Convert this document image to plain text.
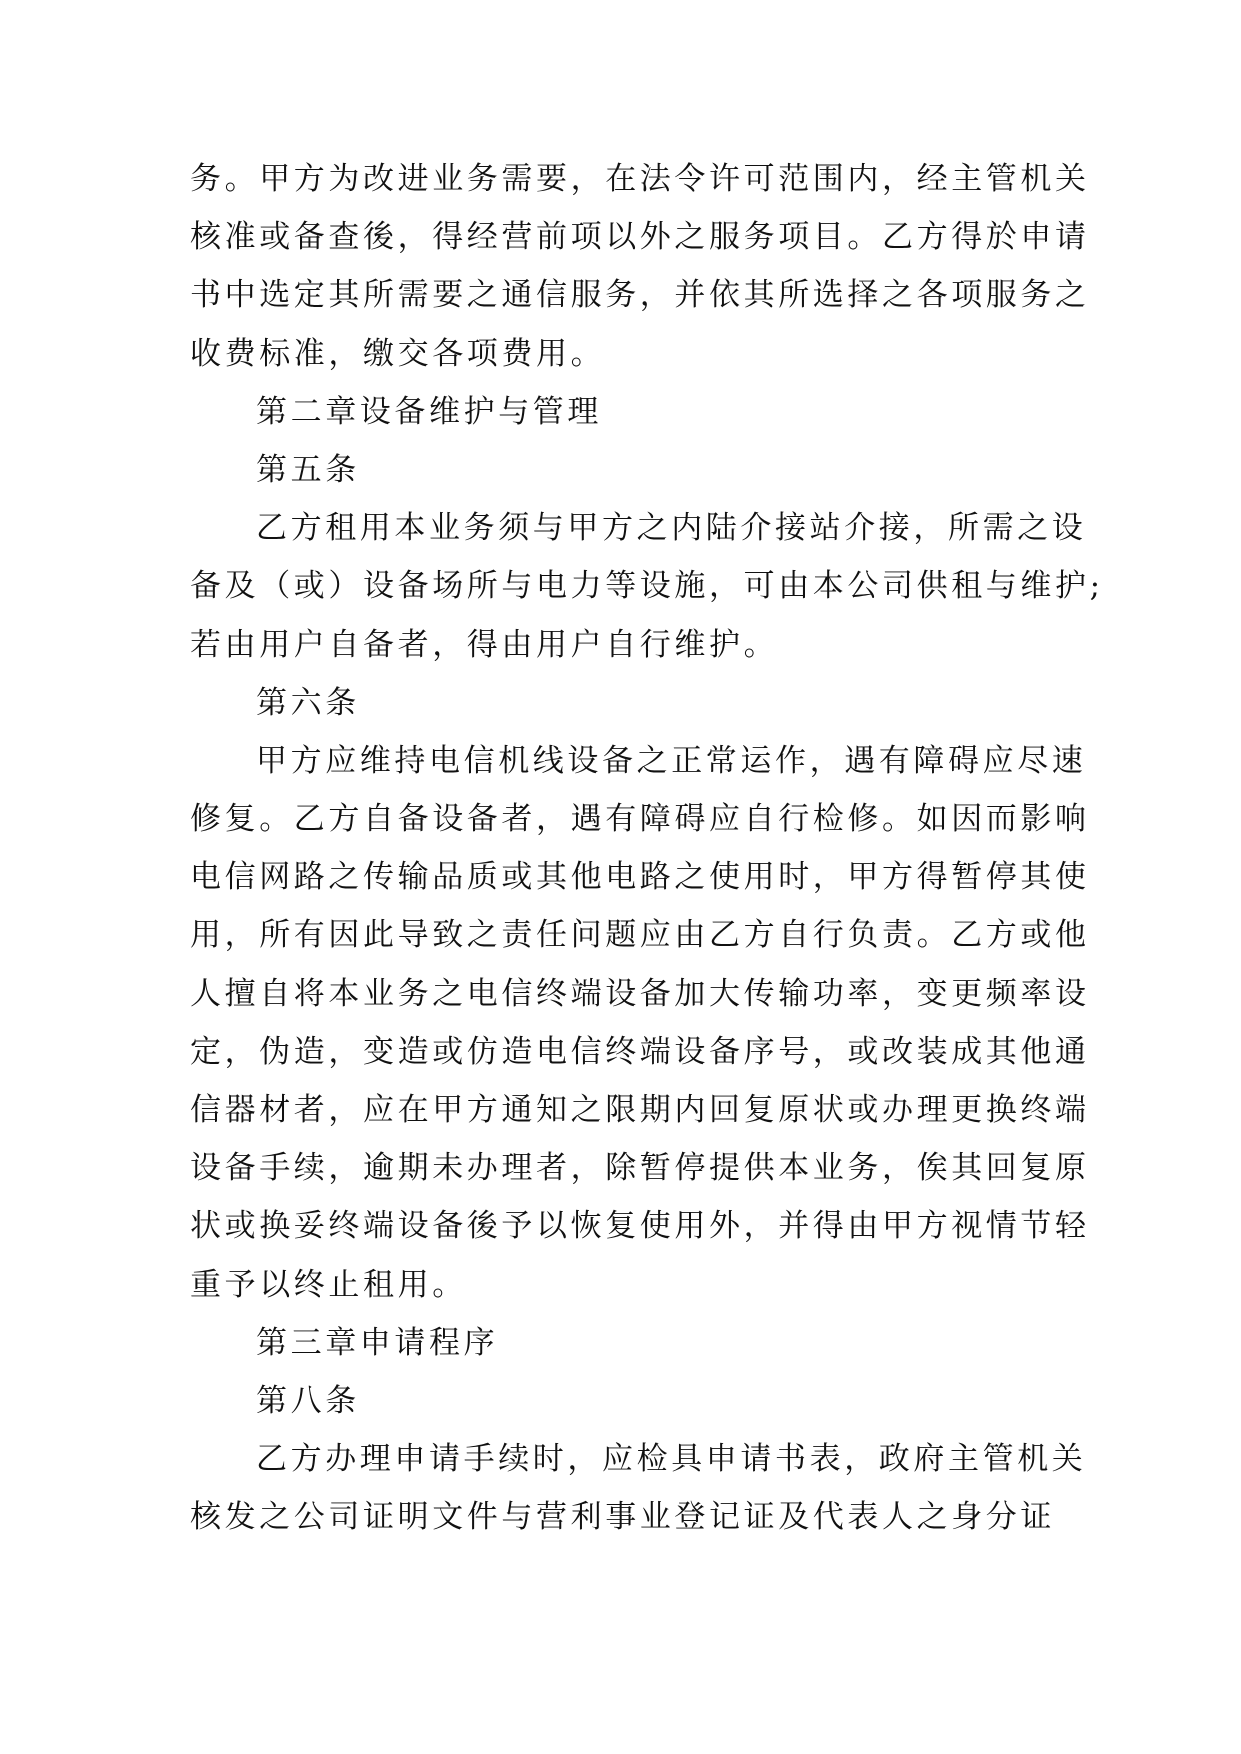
务。甲方为改进业务需要，在法令许可范围内，经主管机关
核准或备查後，得经营前项以外之服务项目。乙方得於申请
书中选定其所需要之通信服务，并依其所选择之各项服务之
收费标准，缴交各项费用。
第二章设备维护与管理
第五条
乙方租用本业务须与甲方之内陆介接站介接，所需之设
备及（或）设备场所与电力等设施，可由本公司供租与维护;
若由用户自备者，得由用户自行维护。
第六条
甲方应维持电信机线设备之正常运作，遇有障碍应尽速
修复。乙方自备设备者，遇有障碍应自行检修。如因而影响
电信网路之传输品质或其他电路之使用时，甲方得暂停其使
用，所有因此导致之责任问题应由乙方自行负责。乙方或他
人擅自将本业务之电信终端设备加大传输功率，变更频率设
定，伪造，变造或仿造电信终端设备序号，或改装成其他通
信器材者，应在甲方通知之限期内回复原状或办理更换终端
设备手续，逾期未办理者，除暂停提供本业务，俟其回复原
状或换妥终端设备後予以恢复使用外，并得由甲方视情节轻
重予以终止租用。
第三章申请程序
第八条
乙方办理申请手续时，应检具申请书表，政府主管机关
核发之公司证明文件与营利事业登记证及代表人之身分证
